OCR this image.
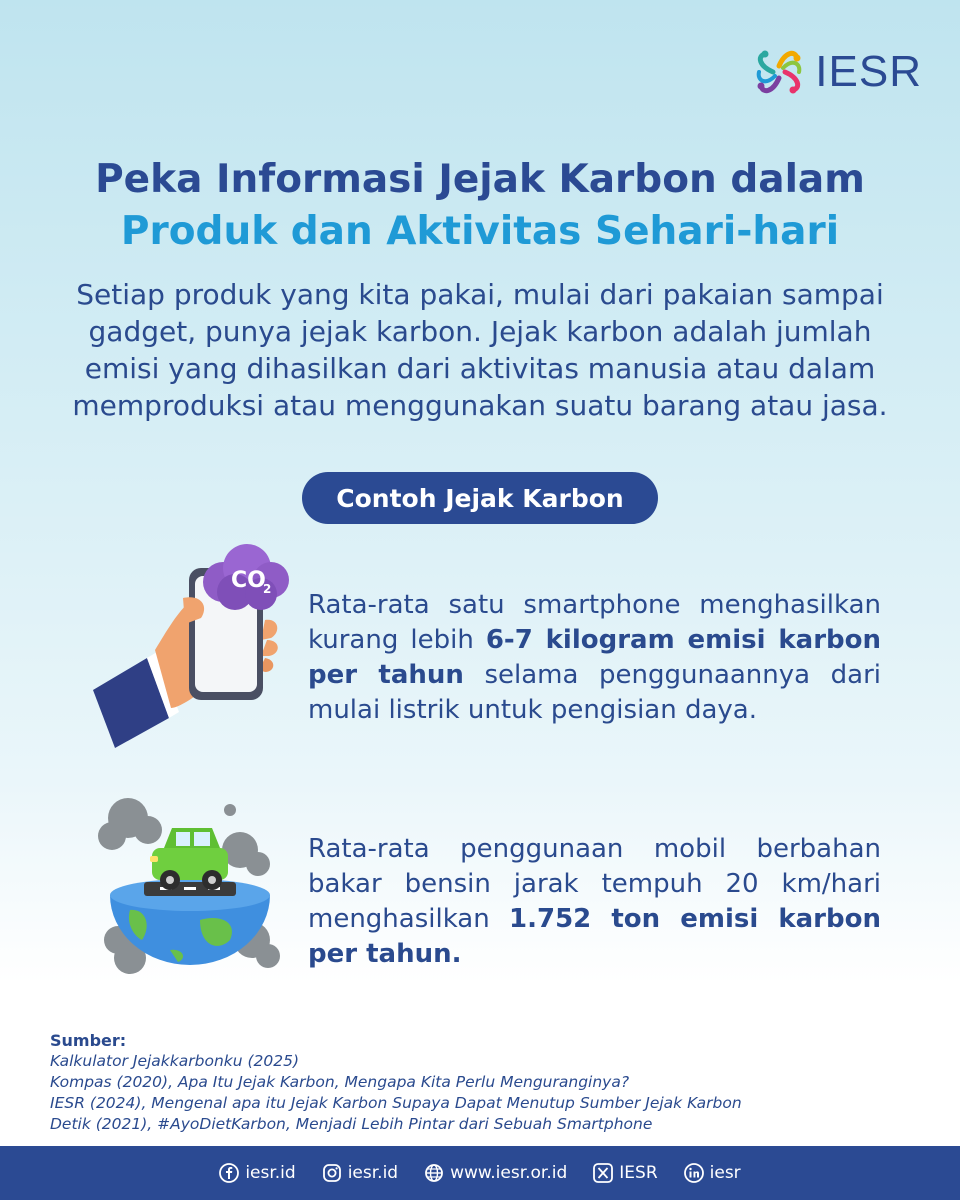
IESR
Peka Informasi Jejak Karbon dalam
Produk dan Aktivitas Sehari-hari
Setiap produk yang kita pakai, mulai dari pakaian sampai gadget, punya jejak karbon. Jejak karbon adalah jumlah emisi yang dihasilkan dari aktivitas manusia atau dalam memproduksi atau menggunakan suatu barang atau jasa.
Contoh Jejak Karbon
CO
2
Rata-rata satu smartphone menghasilkan kurang lebih 6-7 kilogram emisi karbon per tahun selama penggunaannya dari mulai listrik untuk pengisian daya.
Rata-rata penggunaan mobil berbahan bakar bensin jarak tempuh 20 km/hari menghasilkan 1.752 ton emisi karbon per tahun.
Sumber:
Kalkulator Jejakkarbonku (2025)
Kompas (2020), Apa Itu Jejak Karbon, Mengapa Kita Perlu Menguranginya?
IESR (2024), Mengenal apa itu Jejak Karbon Supaya Dapat Menutup Sumber Jejak Karbon
Detik (2021), #AyoDietKarbon, Menjadi Lebih Pintar dari Sebuah Smartphone
iesr.id	iesr.id	www.iesr.or.id	IESR	iesr
